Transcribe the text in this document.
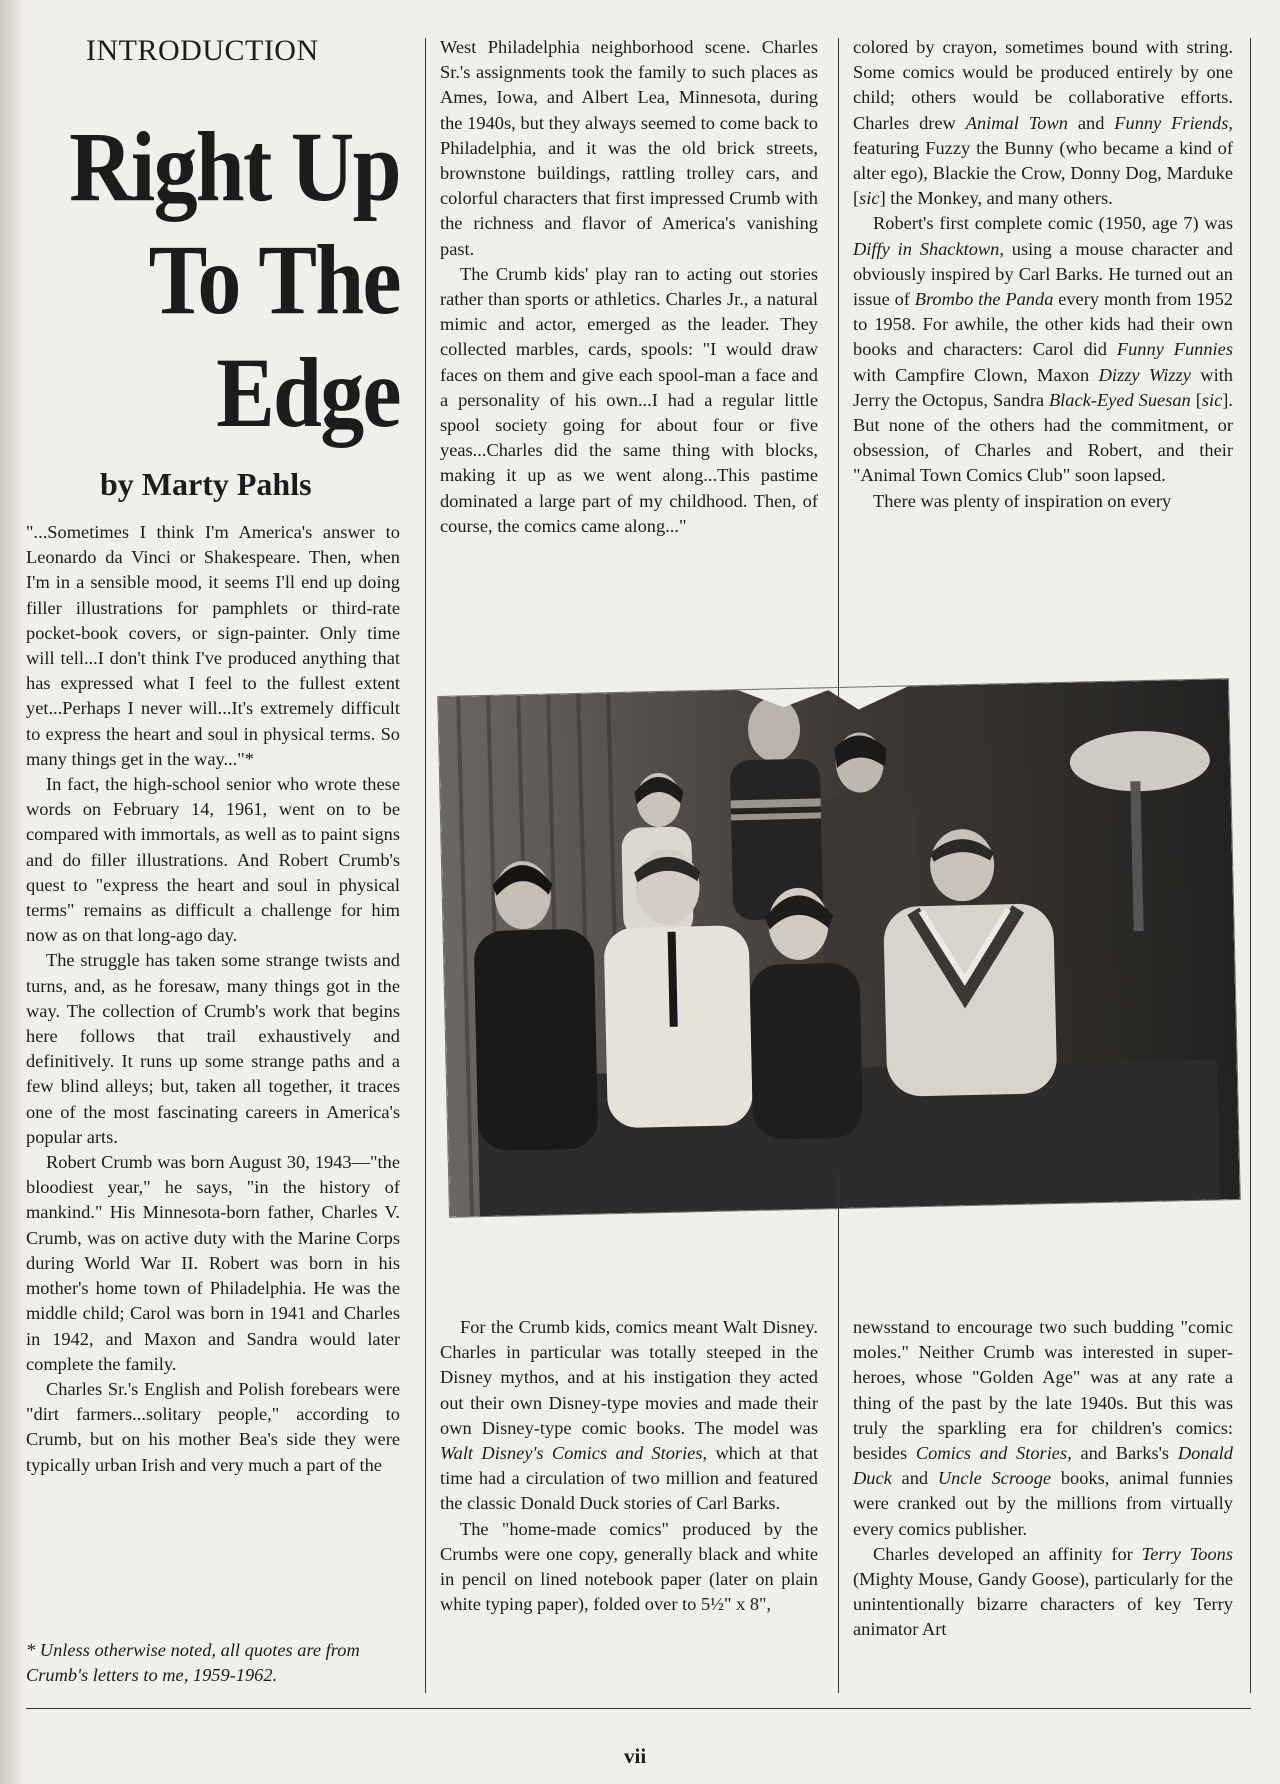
INTRODUCTION
Right Up
To The
Edge
by Marty Pahls

"...Sometimes I think I'm America's answer to Leonardo da Vinci or Shakespeare. Then, when I'm in a sensible mood, it seems I'll end up doing filler illustrations for pamphlets or third-rate pocket-book covers, or sign-painter. Only time will tell...I don't think I've produced anything that has expressed what I feel to the fullest extent yet...Perhaps I never will...It's extremely difficult to express the heart and soul in physical terms. So many things get in the way..."*

In fact, the high-school senior who wrote these words on February 14, 1961, went on to be compared with immortals, as well as to paint signs and do filler illustrations. And Robert Crumb's quest to "express the heart and soul in physical terms" remains as difficult a challenge for him now as on that long-ago day.

The struggle has taken some strange twists and turns, and, as he foresaw, many things got in the way. The collection of Crumb's work that begins here follows that trail exhaustively and definitively. It runs up some strange paths and a few blind alleys; but, taken all together, it traces one of the most fascinating careers in America's popular arts.

Robert Crumb was born August 30, 1943—"the bloodiest year," he says, "in the history of mankind." His Minnesota-born father, Charles V. Crumb, was on active duty with the Marine Corps during World War II. Robert was born in his mother's home town of Philadelphia. He was the middle child; Carol was born in 1941 and Charles in 1942, and Maxon and Sandra would later complete the family.

Charles Sr.'s English and Polish forebears were "dirt farmers...solitary people," according to Crumb, but on his mother Bea's side they were typically urban Irish and very much a part of the

* Unless otherwise noted, all quotes are from Crumb's letters to me, 1959-1962.

West Philadelphia neighborhood scene. Charles Sr.'s assignments took the family to such places as Ames, Iowa, and Albert Lea, Minnesota, during the 1940s, but they always seemed to come back to Philadelphia, and it was the old brick streets, brownstone buildings, rattling trolley cars, and colorful characters that first impressed Crumb with the richness and flavor of America's vanishing past.

The Crumb kids' play ran to acting out stories rather than sports or athletics. Charles Jr., a natural mimic and actor, emerged as the leader. They collected marbles, cards, spools: "I would draw faces on them and give each spool-man a face and a personality of his own...I had a regular little spool society going for about four or five yeas...Charles did the same thing with blocks, making it up as we went along...This pastime dominated a large part of my childhood. Then, of course, the comics came along..."

colored by crayon, sometimes bound with string. Some comics would be produced entirely by one child; others would be collaborative efforts. Charles drew Animal Town and Funny Friends, featuring Fuzzy the Bunny (who became a kind of alter ego), Blackie the Crow, Donny Dog, Marduke [sic] the Monkey, and many others.

Robert's first complete comic (1950, age 7) was Diffy in Shacktown, using a mouse character and obviously inspired by Carl Barks. He turned out an issue of Brombo the Panda every month from 1952 to 1958. For awhile, the other kids had their own books and characters: Carol did Funny Funnies with Campfire Clown, Maxon Dizzy Wizzy with Jerry the Octopus, Sandra Black-Eyed Suesan [sic]. But none of the others had the commitment, or obsession, of Charles and Robert, and their "Animal Town Comics Club" soon lapsed.

There was plenty of inspiration on every

For the Crumb kids, comics meant Walt Disney. Charles in particular was totally steeped in the Disney mythos, and at his instigation they acted out their own Disney-type movies and made their own Disney-type comic books. The model was Walt Disney's Comics and Stories, which at that time had a circulation of two million and featured the classic Donald Duck stories of Carl Barks.

The "home-made comics" produced by the Crumbs were one copy, generally black and white in pencil on lined notebook paper (later on plain white typing paper), folded over to 5½" x 8",

newsstand to encourage two such budding "comic moles." Neither Crumb was interested in super-heroes, whose "Golden Age" was at any rate a thing of the past by the late 1940s. But this was truly the sparkling era for children's comics: besides Comics and Stories, and Barks's Donald Duck and Uncle Scrooge books, animal funnies were cranked out by the millions from virtually every comics publisher.

Charles developed an affinity for Terry Toons (Mighty Mouse, Gandy Goose), particularly for the unintentionally bizarre characters of key Terry animator Art

vii
